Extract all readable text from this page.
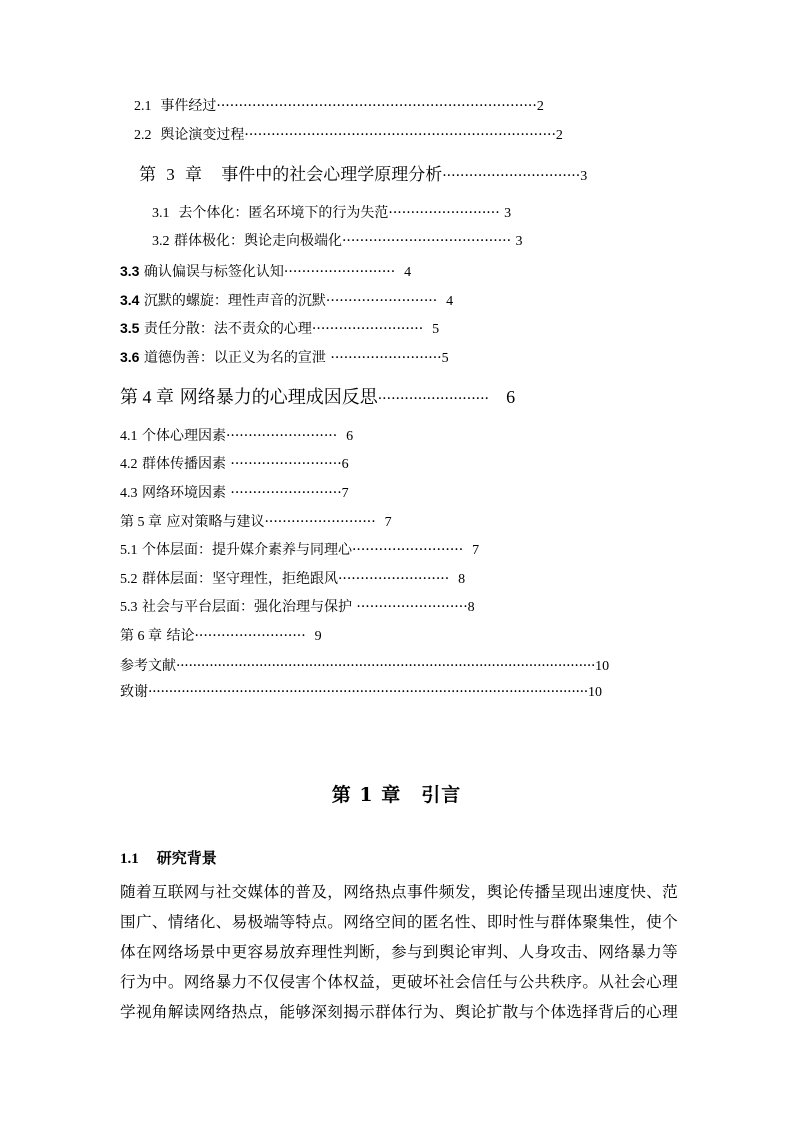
2.1 事件经过········································································2
2.2 舆论演变过程······································································2
第 3 章 事件中的社会心理学原理分析·······························3
3.1 去个体化：匿名环境下的行为失范························· 3
3.2 群体极化：舆论走向极端化······································ 3
3.3 确认偏误与标签化认知························· 4
3.4 沉默的螺旋：理性声音的沉默························· 4
3.5 责任分散：法不责众的心理························· 5
3.6 道德伪善：以正义为名的宣泄 ·························5
第 4 章 网络暴力的心理成因反思························· 6
4.1 个体心理因素························· 6
4.2 群体传播因素 ·························6
4.3 网络环境因素 ·························7
第 5 章 应对策略与建议························· 7
5.1 个体层面：提升媒介素养与同理心························· 7
5.2 群体层面：坚守理性，拒绝跟风························· 8
5.3 社会与平台层面：强化治理与保护 ·························8
第 6 章 结论························· 9
参考文献·····································································································10
致谢··········································································································10
第 1 章　引言
1.1 研究背景
随着互联网与社交媒体的普及，网络热点事件频发，舆论传播呈现出速度快、范
围广、情绪化、易极端等特点。网络空间的匿名性、即时性与群体聚集性，使个
体在网络场景中更容易放弃理性判断，参与到舆论审判、人身攻击、网络暴力等
行为中。网络暴力不仅侵害个体权益，更破坏社会信任与公共秩序。从社会心理
学视角解读网络热点，能够深刻揭示群体行为、舆论扩散与个体选择背后的心理
